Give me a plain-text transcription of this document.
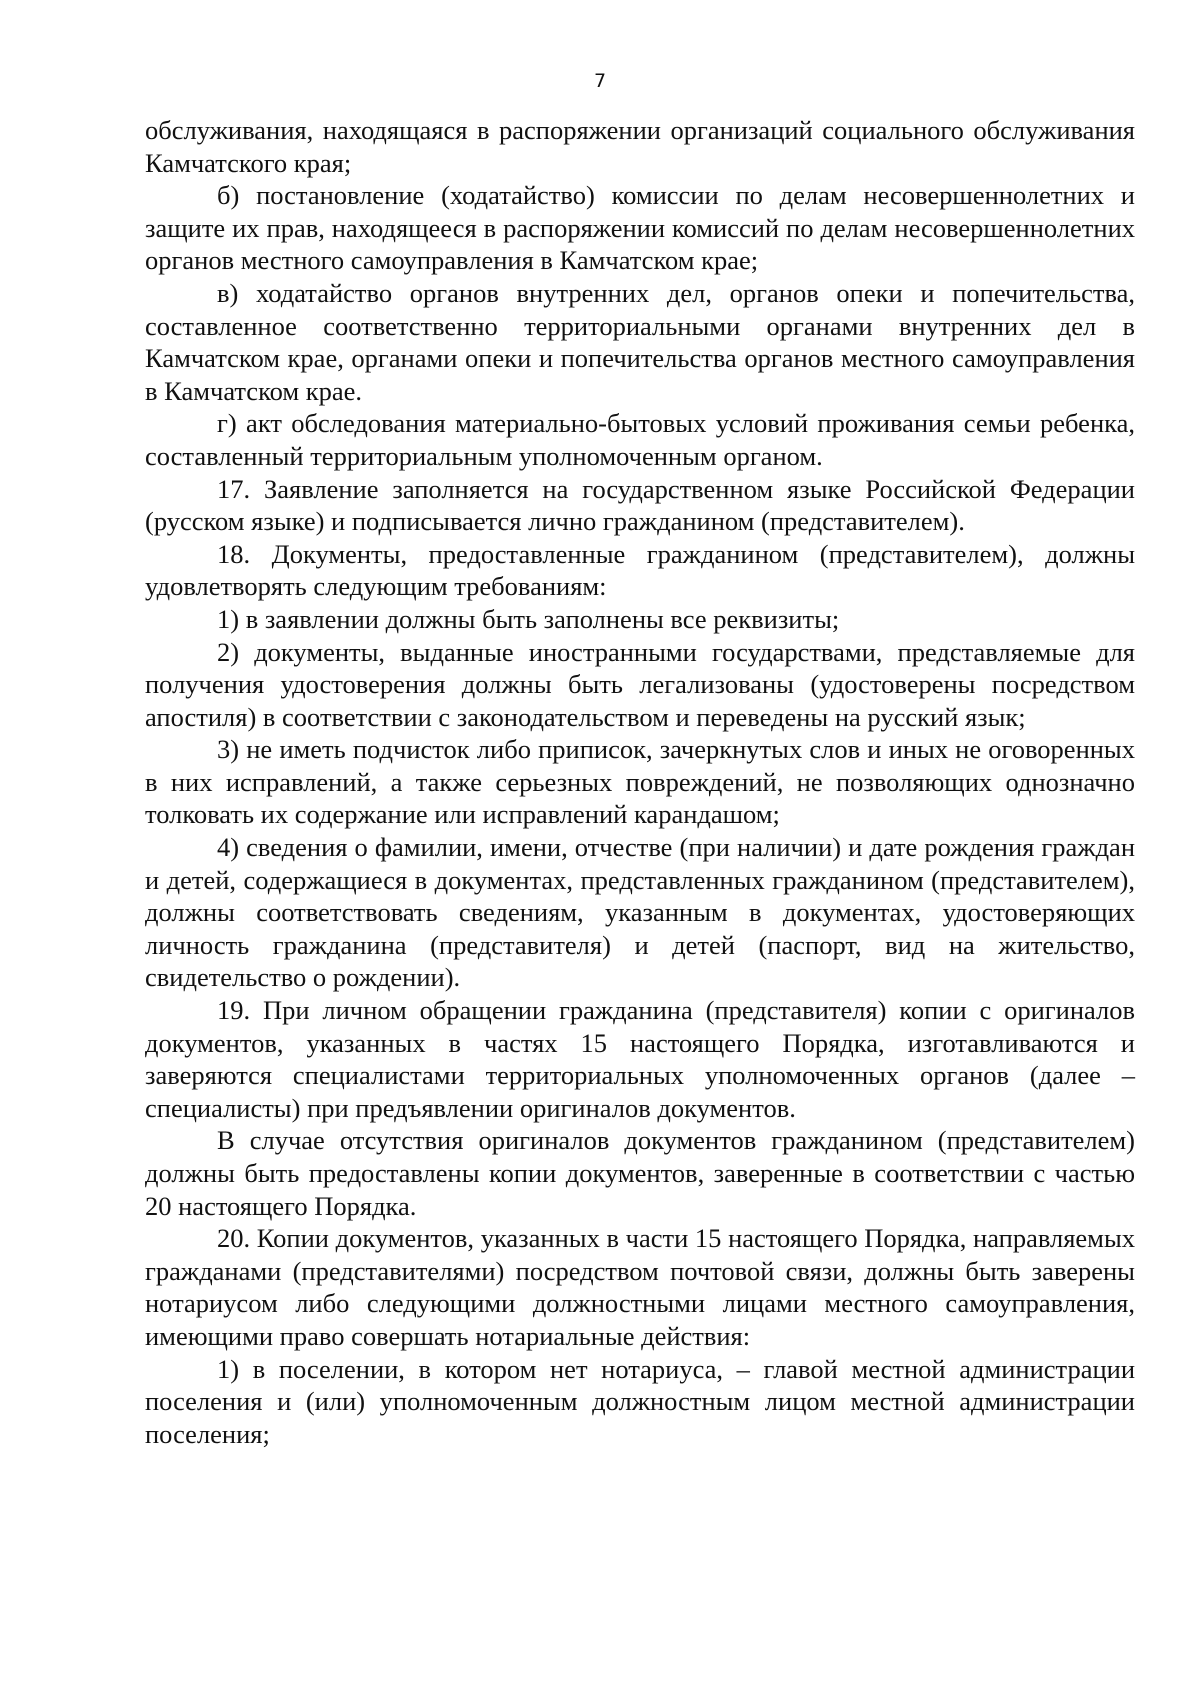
7

обслуживания, находящаяся в распоряжении организаций социального обслуживания Камчатского края;

б) постановление (ходатайство) комиссии по делам несовершеннолетних и защите их прав, находящееся в распоряжении комиссий по делам несовершеннолетних органов местного самоуправления в Камчатском крае;

в) ходатайство органов внутренних дел, органов опеки и попечительства, составленное соответственно территориальными органами внутренних дел в Камчатском крае, органами опеки и попечительства органов местного самоуправления в Камчатском крае.

г) акт обследования материально-бытовых условий проживания семьи ребенка, составленный территориальным уполномоченным органом.

17. Заявление заполняется на государственном языке Российской Федерации (русском языке) и подписывается лично гражданином (представителем).

18. Документы, предоставленные гражданином (представителем), должны удовлетворять следующим требованиям:

1) в заявлении должны быть заполнены все реквизиты;

2) документы, выданные иностранными государствами, представляемые для получения удостоверения должны быть легализованы (удостоверены посредством апостиля) в соответствии с законодательством и переведены на русский язык;

3) не иметь подчисток либо приписок, зачеркнутых слов и иных не оговоренных в них исправлений, а также серьезных повреждений, не позволяющих однозначно толковать их содержание или исправлений карандашом;

4) сведения о фамилии, имени, отчестве (при наличии) и дате рождения граждан и детей, содержащиеся в документах, представленных гражданином (представителем), должны соответствовать сведениям, указанным в документах, удостоверяющих личность гражданина (представителя) и детей (паспорт, вид на жительство, свидетельство о рождении).

19. При личном обращении гражданина (представителя) копии с оригиналов документов, указанных в частях 15 настоящего Порядка, изготавливаются и заверяются специалистами территориальных уполномоченных органов (далее – специалисты) при предъявлении оригиналов документов.

В случае отсутствия оригиналов документов гражданином (представителем) должны быть предоставлены копии документов, заверенные в соответствии с частью 20 настоящего Порядка.

20. Копии документов, указанных в части 15 настоящего Порядка, направляемых гражданами (представителями) посредством почтовой связи, должны быть заверены нотариусом либо следующими должностными лицами местного самоуправления, имеющими право совершать нотариальные действия:

1) в поселении, в котором нет нотариуса, – главой местной администрации поселения и (или) уполномоченным должностным лицом местной администрации поселения;
